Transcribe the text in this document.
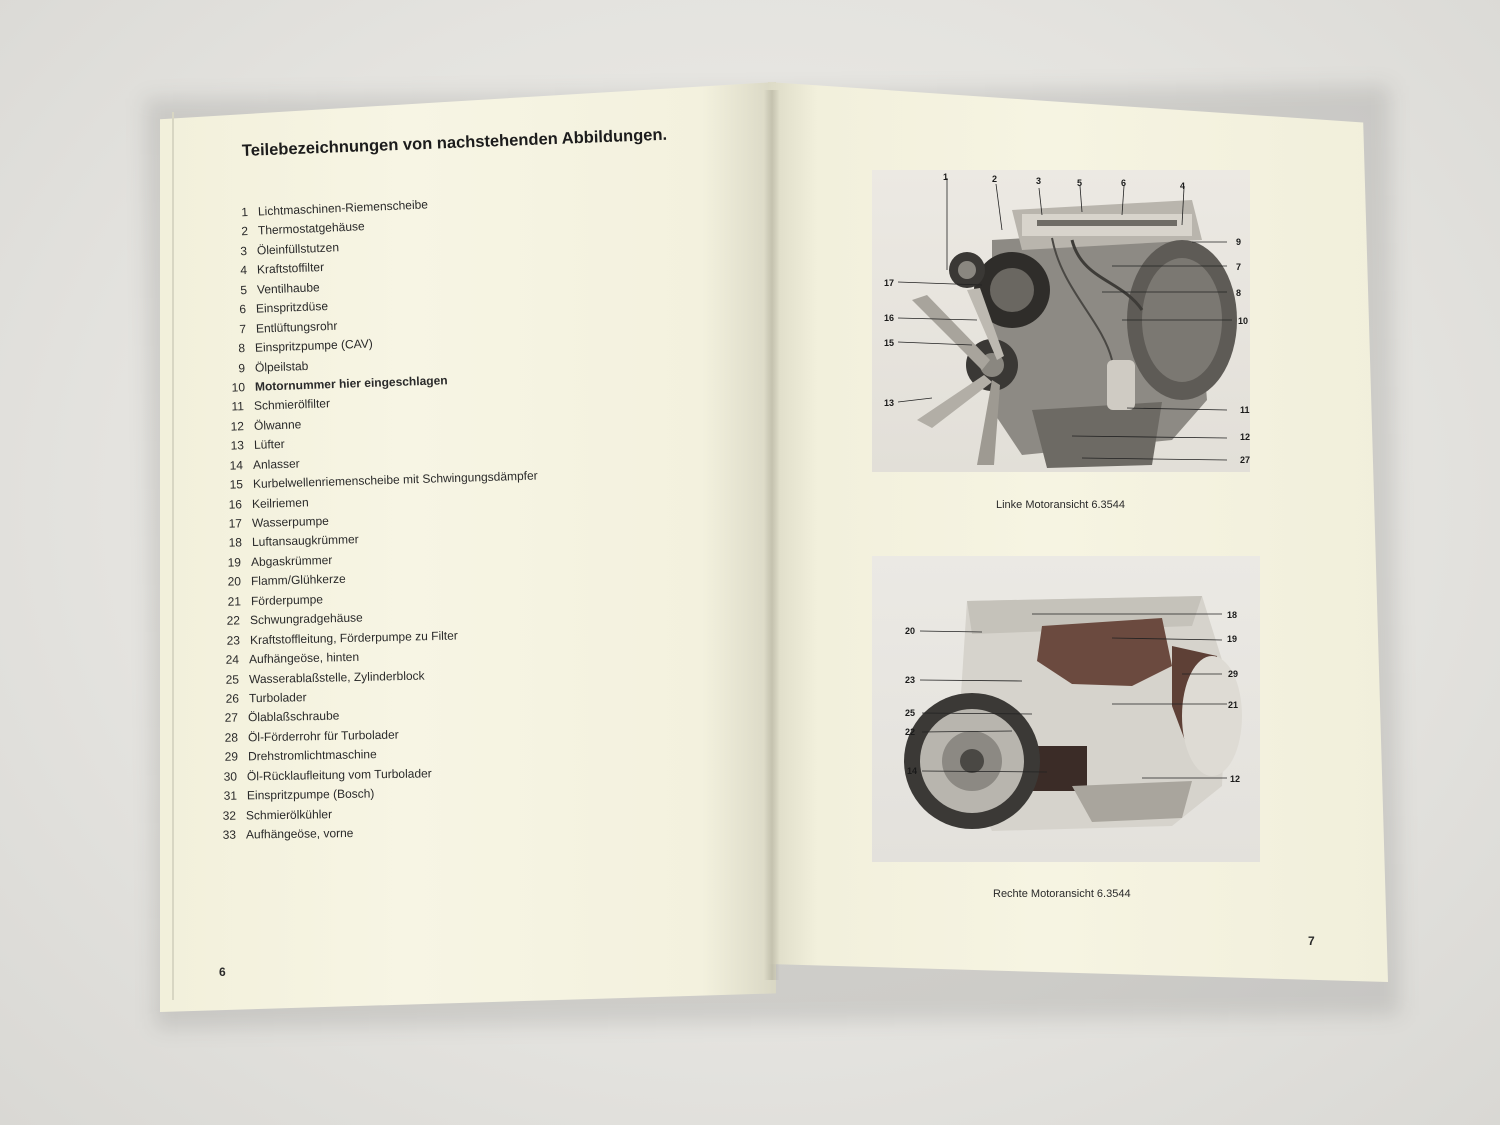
Teilebezeichnungen von nachstehenden Abbildungen.
1 Lichtmaschinen-Riemenscheibe
2 Thermostatgehäuse
3 Öleinfüllstutzen
4 Kraftstoffilter
5 Ventilhaube
6 Einspritzdüse
7 Entlüftungsrohr
8 Einspritzpumpe (CAV)
9 Ölpeilstab
10 Motornummer hier eingeschlagen
11 Schmierölfilter
12 Ölwanne
13 Lüfter
14 Anlasser
15 Kurbelwellenriemenscheibe mit Schwingungsdämpfer
16 Keilriemen
17 Wasserpumpe
18 Luftansaugkrümmer
19 Abgaskrümmer
20 Flamm/Glühkerze
21 Förderpumpe
22 Schwungradgehäuse
23 Kraftstoffleitung, Förderpumpe zu Filter
24 Aufhängeöse, hinten
25 Wasserablaßstelle, Zylinderblock
26 Turbolader
27 Ölablaßschraube
28 Öl-Förderrohr für Turbolader
29 Drehstromlichtmaschine
30 Öl-Rücklaufleitung vom Turbolader
31 Einspritzpumpe (Bosch)
32 Schmierölkühler
33 Aufhängeöse, vorne
6
7
1	2	3	5	6	4
9
7
8
10
17
16
15
13
11
12
27
Linke Motoransicht 6.3544
18
19
20
29
23
21
25
22
14
12
Rechte Motoransicht 6.3544
